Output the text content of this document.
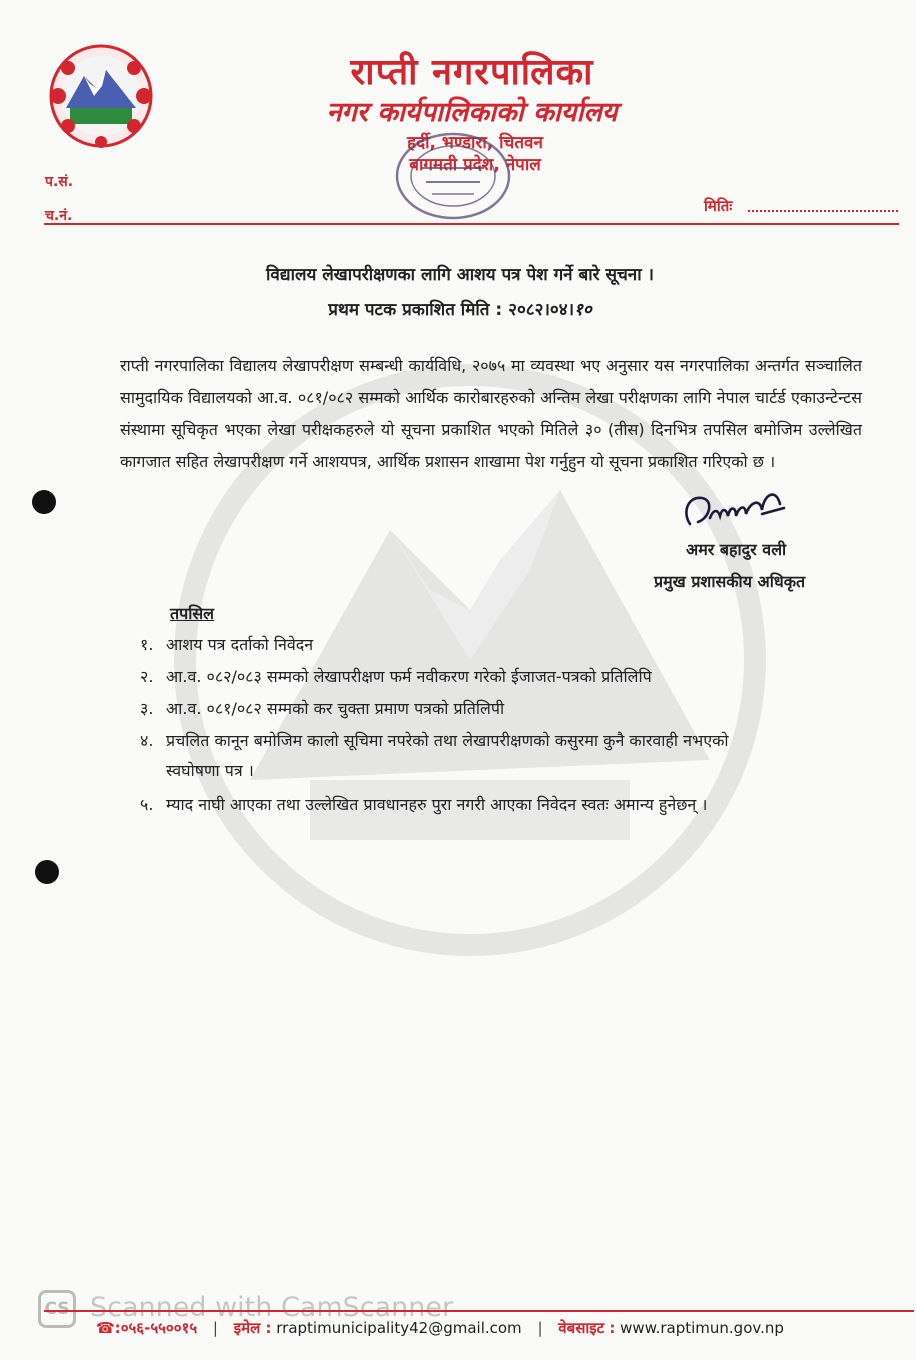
राप्ती नगरपालिका
नगर कार्यपालिकाको कार्यालय
हर्दी, भण्डारा, चितवन
बागमती प्रदेश, नेपाल
प.सं.
च.नं.
मितिः
विद्यालय लेखापरीक्षणका लागि आशय पत्र पेश गर्ने बारे सूचना ।
प्रथम पटक प्रकाशित मिति : २०८२।०४।१०
राप्ती नगरपालिका विद्यालय लेखापरीक्षण सम्बन्धी कार्यविधि, २०७५ मा व्यवस्था भए अनुसार यस नगरपालिका अन्तर्गत सञ्चालित सामुदायिक विद्यालयको आ.व. ०८१/०८२ सम्मको आर्थिक कारोबारहरुको अन्तिम लेखा परीक्षणका लागि नेपाल चार्टर्ड एकाउन्टेन्टस संस्थामा सूचिकृत भएका लेखा परीक्षकहरुले यो सूचना प्रकाशित भएको मितिले ३० (तीस) दिनभित्र तपसिल बमोजिम उल्लेखित कागजात सहित लेखापरीक्षण गर्ने आशयपत्र, आर्थिक प्रशासन शाखामा पेश गर्नुहुन यो सूचना प्रकाशित गरिएको छ ।
अमर बहादुर वली
प्रमुख प्रशासकीय अधिकृत
तपसिल
१. आशय पत्र दर्ताको निवेदन
२. आ.व. ०८२/०८३ सम्मको लेखापरीक्षण फर्म नवीकरण गरेको ईजाजत-पत्रको प्रतिलिपि
३. आ.व. ०८१/०८२ सम्मको कर चुक्ता प्रमाण पत्रको प्रतिलिपी
४. प्रचलित कानून बमोजिम कालो सूचिमा नपरेको तथा लेखापरीक्षणको कसुरमा कुनै कारवाही नभएको
स्वघोषणा पत्र ।
५. म्याद नाघी आएका तथा उल्लेखित प्रावधानहरु पुरा नगरी आएका निवेदन स्वतः अमान्य हुनेछन् ।
CS Scanned with CamScanner
☎:०५६-५५००१५ | इमेल : rraptimunicipality42@gmail.com | वेबसाइट : www.raptimun.gov.np
